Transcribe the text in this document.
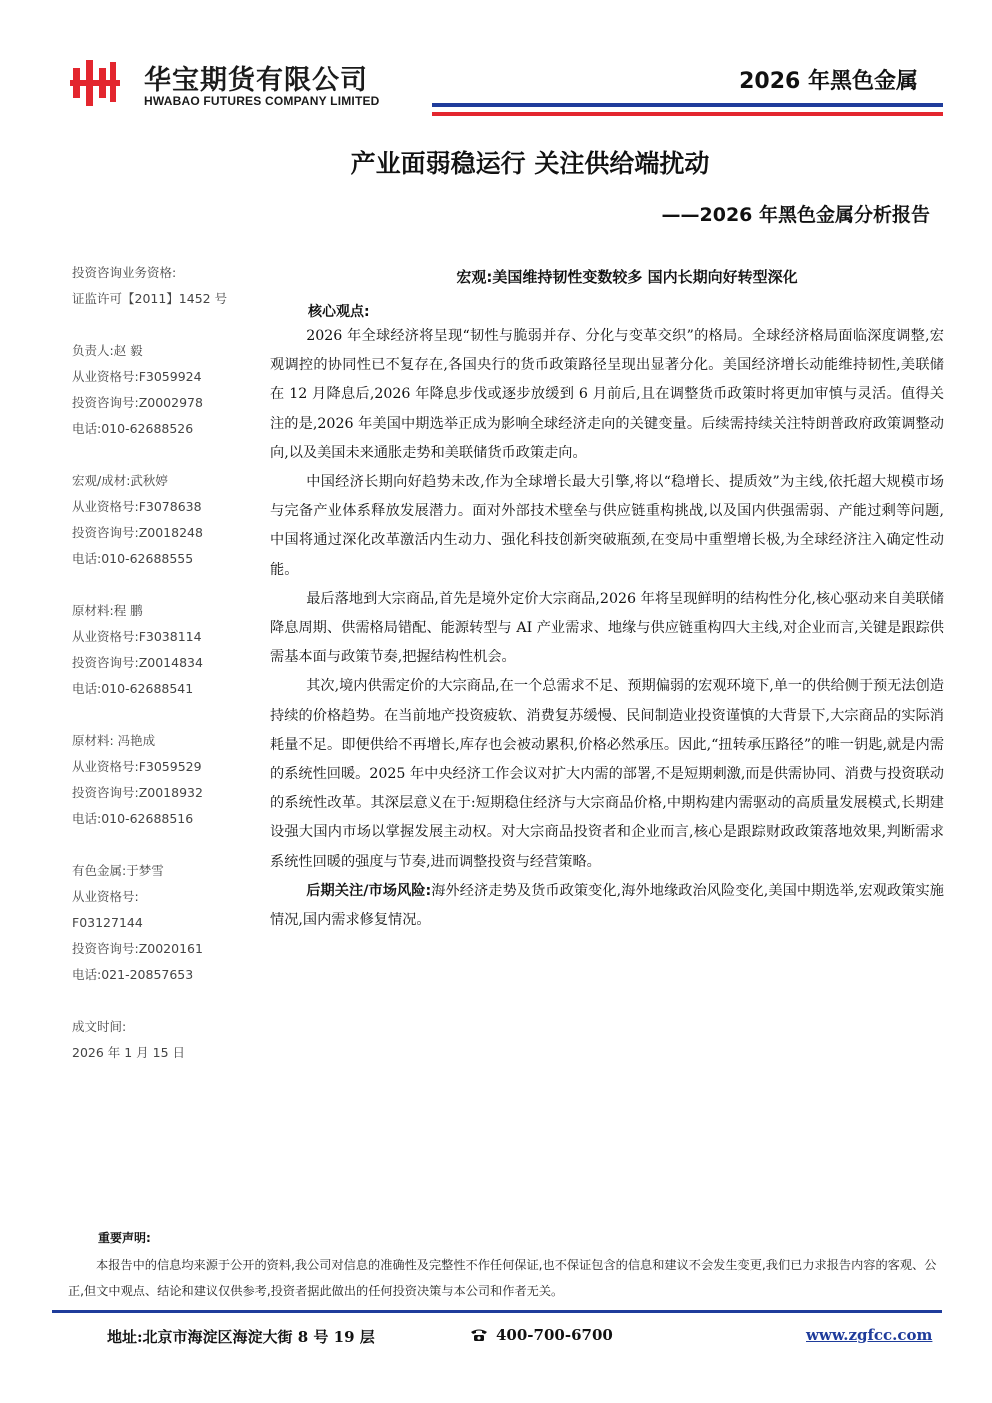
华宝期货有限公司
HWABAO FUTURES COMPANY LIMITED
2026 年黑色金属
产业面弱稳运行 关注供给端扰动
——2026 年黑色金属分析报告
投资咨询业务资格:
证监许可【2011】1452 号
负责人:赵 毅
从业资格号:F3059924
投资咨询号:Z0002978
电话:010-62688526
宏观/成材:武秋婷
从业资格号:F3078638
投资咨询号:Z0018248
电话:010-62688555
原材料:程 鹏
从业资格号:F3038114
投资咨询号:Z0014834
电话:010-62688541
原材料: 冯艳成
从业资格号:F3059529
投资咨询号:Z0018932
电话:010-62688516
有色金属:于梦雪
从业资格号:
F03127144
投资咨询号:Z0020161
电话:021-20857653
成文时间:
2026 年 1 月 15 日
宏观:美国维持韧性变数较多 国内长期向好转型深化
核心观点:

2026 年全球经济将呈现“韧性与脆弱并存、分化与变革交织”的格局。全球经济格局面临深度调整,宏观调控的协同性已不复存在,各国央行的货币政策路径呈现出显著分化。美国经济增长动能维持韧性,美联储在 12 月降息后,2026 年降息步伐或逐步放缓到 6 月前后,且在调整货币政策时将更加审慎与灵活。值得关注的是,2026 年美国中期选举正成为影响全球经济走向的关键变量。后续需持续关注特朗普政府政策调整动向,以及美国未来通胀走势和美联储货币政策走向。

中国经济长期向好趋势未改,作为全球增长最大引擎,将以“稳增长、提质效”为主线,依托超大规模市场与完备产业体系释放发展潜力。面对外部技术壁垒与供应链重构挑战,以及国内供强需弱、产能过剩等问题,中国将通过深化改革激活内生动力、强化科技创新突破瓶颈,在变局中重塑增长极,为全球经济注入确定性动能。

最后落地到大宗商品,首先是境外定价大宗商品,2026 年将呈现鲜明的结构性分化,核心驱动来自美联储降息周期、供需格局错配、能源转型与 AI 产业需求、地缘与供应链重构四大主线,对企业而言,关键是跟踪供需基本面与政策节奏,把握结构性机会。

其次,境内供需定价的大宗商品,在一个总需求不足、预期偏弱的宏观环境下,单一的供给侧于预无法创造持续的价格趋势。在当前地产投资疲软、消费复苏缓慢、民间制造业投资谨慎的大背景下,大宗商品的实际消耗量不足。即便供给不再增长,库存也会被动累积,价格必然承压。因此,“扭转承压路径”的唯一钥匙,就是内需的系统性回暖。2025 年中央经济工作会议对扩大内需的部署,不是短期刺激,而是供需协同、消费与投资联动的系统性改革。其深层意义在于:短期稳住经济与大宗商品价格,中期构建内需驱动的高质量发展模式,长期建设强大国内市场以掌握发展主动权。对大宗商品投资者和企业而言,核心是跟踪财政政策落地效果,判断需求系统性回暖的强度与节奏,进而调整投资与经营策略。

后期关注/市场风险:海外经济走势及货币政策变化,海外地缘政治风险变化,美国中期选举,宏观政策实施情况,国内需求修复情况。

重要声明:
本报告中的信息均来源于公开的资料,我公司对信息的准确性及完整性不作任何保证,也不保证包含的信息和建议不会发生变更,我们已力求报告内容的客观、公正,但文中观点、结论和建议仅供参考,投资者据此做出的任何投资决策与本公司和作者无关。
地址:北京市海淀区海淀大街 8 号 19 层	400-700-6700	www.zgfcc.com
